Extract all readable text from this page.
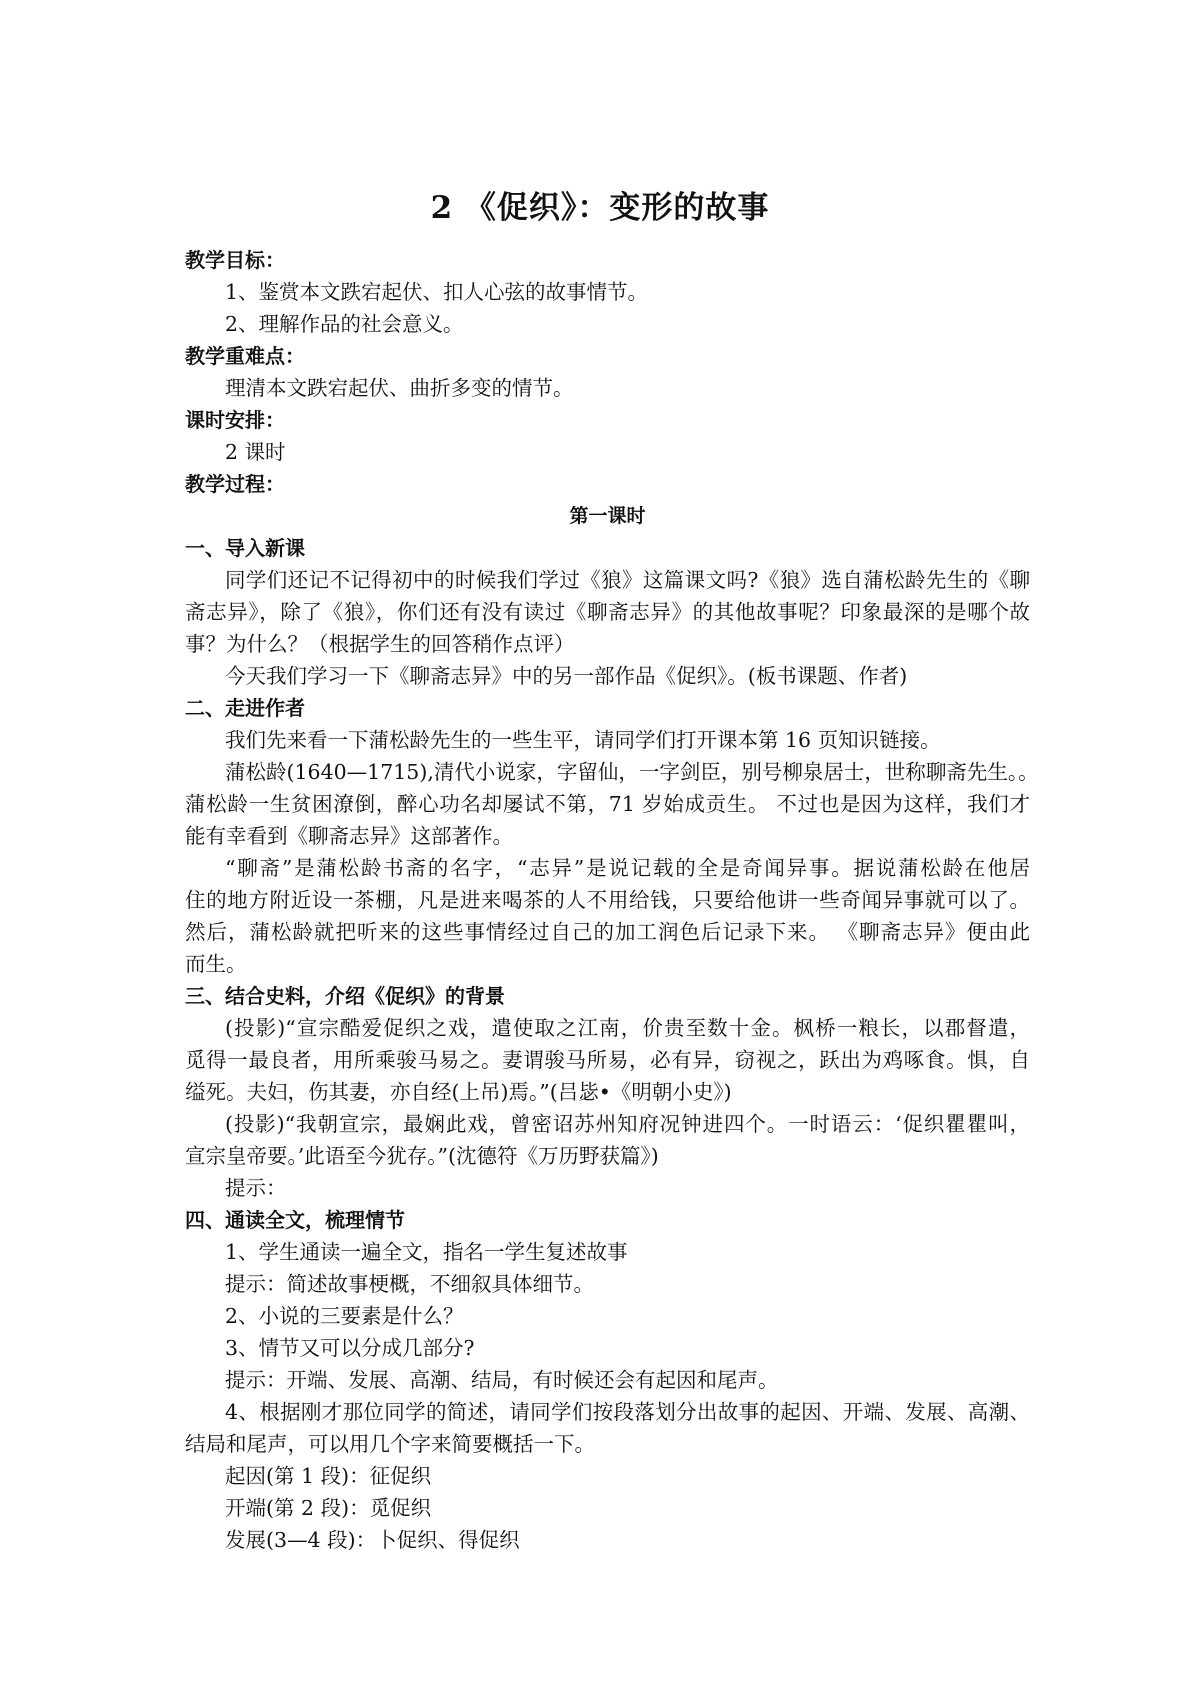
2 《促织》：变形的故事
教学目标：
1、鉴赏本文跌宕起伏、扣人心弦的故事情节。
2、理解作品的社会意义。
教学重难点：
理清本文跌宕起伏、曲折多变的情节。
课时安排：
2 课时
教学过程：
第一课时
一、导入新课
同学们还记不记得初中的时候我们学过《狼》这篇课文吗?《狼》选自蒲松龄先生的《聊
斋志异》，除了《狼》，你们还有没有读过《聊斋志异》的其他故事呢？印象最深的是哪个故
事？为什么？（根据学生的回答稍作点评）
今天我们学习一下《聊斋志异》中的另一部作品《促织》。(板书课题、作者)
二、走进作者
我们先来看一下蒲松龄先生的一些生平，请同学们打开课本第 16 页知识链接。
蒲松龄(1640—1715),清代小说家，字留仙，一字剑臣，别号柳泉居士，世称聊斋先生。。
蒲松龄一生贫困潦倒，醉心功名却屡试不第，71 岁始成贡生。 不过也是因为这样，我们才
能有幸看到《聊斋志异》这部著作。
“聊斋”是蒲松龄书斋的名字，“志异”是说记载的全是奇闻异事。据说蒲松龄在他居
住的地方附近设一茶棚，凡是进来喝茶的人不用给钱，只要给他讲一些奇闻异事就可以了。
然后，蒲松龄就把听来的这些事情经过自己的加工润色后记录下来。 《聊斋志异》便由此
而生。
三、结合史料，介绍《促织》的背景
(投影)“宣宗酷爱促织之戏，遣使取之江南，价贵至数十金。枫桥一粮长，以郡督遣，
觅得一最良者，用所乘骏马易之。妻谓骏马所易，必有异，窃视之，跃出为鸡啄食。惧，自
缢死。夫妇，伤其妻，亦自经(上吊)焉。”(吕毖•《明朝小史》)
(投影)“我朝宣宗，最娴此戏，曾密诏苏州知府况钟进四个。一时语云：‘促织瞿瞿叫，
宣宗皇帝要。’此语至今犹存。”(沈德符《万历野获篇》)
提示：
四、通读全文，梳理情节
1、学生通读一遍全文，指名一学生复述故事
提示：简述故事梗概，不细叙具体细节。
2、小说的三要素是什么？
3、情节又可以分成几部分?
提示：开端、发展、高潮、结局，有时候还会有起因和尾声。
4、根据刚才那位同学的简述，请同学们按段落划分出故事的起因、开端、发展、高潮、
结局和尾声，可以用几个字来简要概括一下。
起因(第 1 段)：征促织
开端(第 2 段)：觅促织
发展(3—4 段)：卜促织、得促织
